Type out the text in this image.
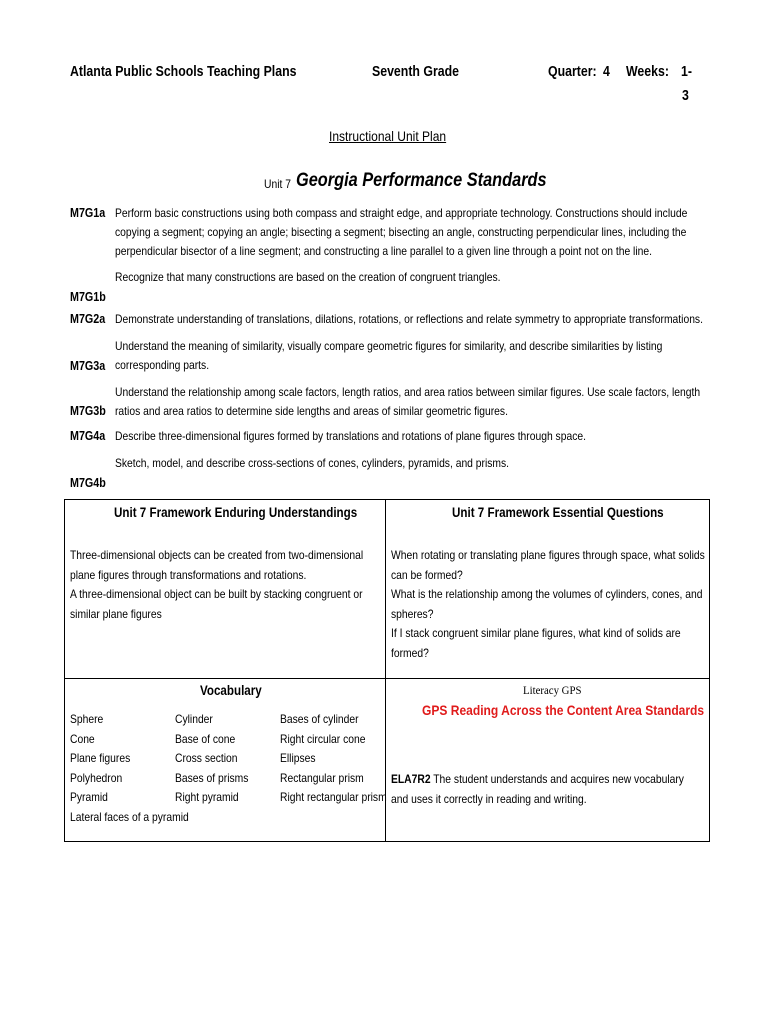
Atlanta Public Schools Teaching Plans	Seventh Grade	Quarter: 4 Weeks: 1-
3
Instructional Unit Plan
Unit 7 Georgia Performance Standards
M7G1a Perform basic constructions using both compass and straight edge, and appropriate technology. Constructions should include copying a segment; copying an angle; bisecting a segment; bisecting an angle, constructing perpendicular lines, including the perpendicular bisector of a line segment; and constructing a line parallel to a given line through a point not on the line.
Recognize that many constructions are based on the creation of congruent triangles.
M7G1b
M7G2a Demonstrate understanding of translations, dilations, rotations, or reflections and relate symmetry to appropriate transformations.
Understand the meaning of similarity, visually compare geometric figures for similarity, and describe similarities by listing corresponding parts.
M7G3a
Understand the relationship among scale factors, length ratios, and area ratios between similar figures. Use scale factors, length ratios and area ratios to determine side lengths and areas of similar geometric figures.
M7G3b
M7G4a Describe three-dimensional figures formed by translations and rotations of plane figures through space.
Sketch, model, and describe cross-sections of cones, cylinders, pyramids, and prisms.
M7G4b
Unit 7 Framework Enduring Understandings
Three-dimensional objects can be created from two-dimensional plane figures through transformations and rotations.
A three-dimensional object can be built by stacking congruent or similar plane figures
Unit 7 Framework Essential Questions
When rotating or translating plane figures through space, what solids can be formed?
What is the relationship among the volumes of cylinders, cones, and spheres?
If I stack congruent similar plane figures, what kind of solids are formed?
Vocabulary
Sphere
Cone
Plane figures
Polyhedron
Pyramid
Lateral faces of a pyramid
Cylinder
Base of cone
Cross section
Bases of prisms
Right pyramid
Bases of cylinder
Right circular cone
Ellipses
Rectangular prism
Right rectangular prism
Literacy GPS
GPS Reading Across the Content Area Standards
ELA7R2 The student understands and acquires new vocabulary and uses it correctly in reading and writing.
